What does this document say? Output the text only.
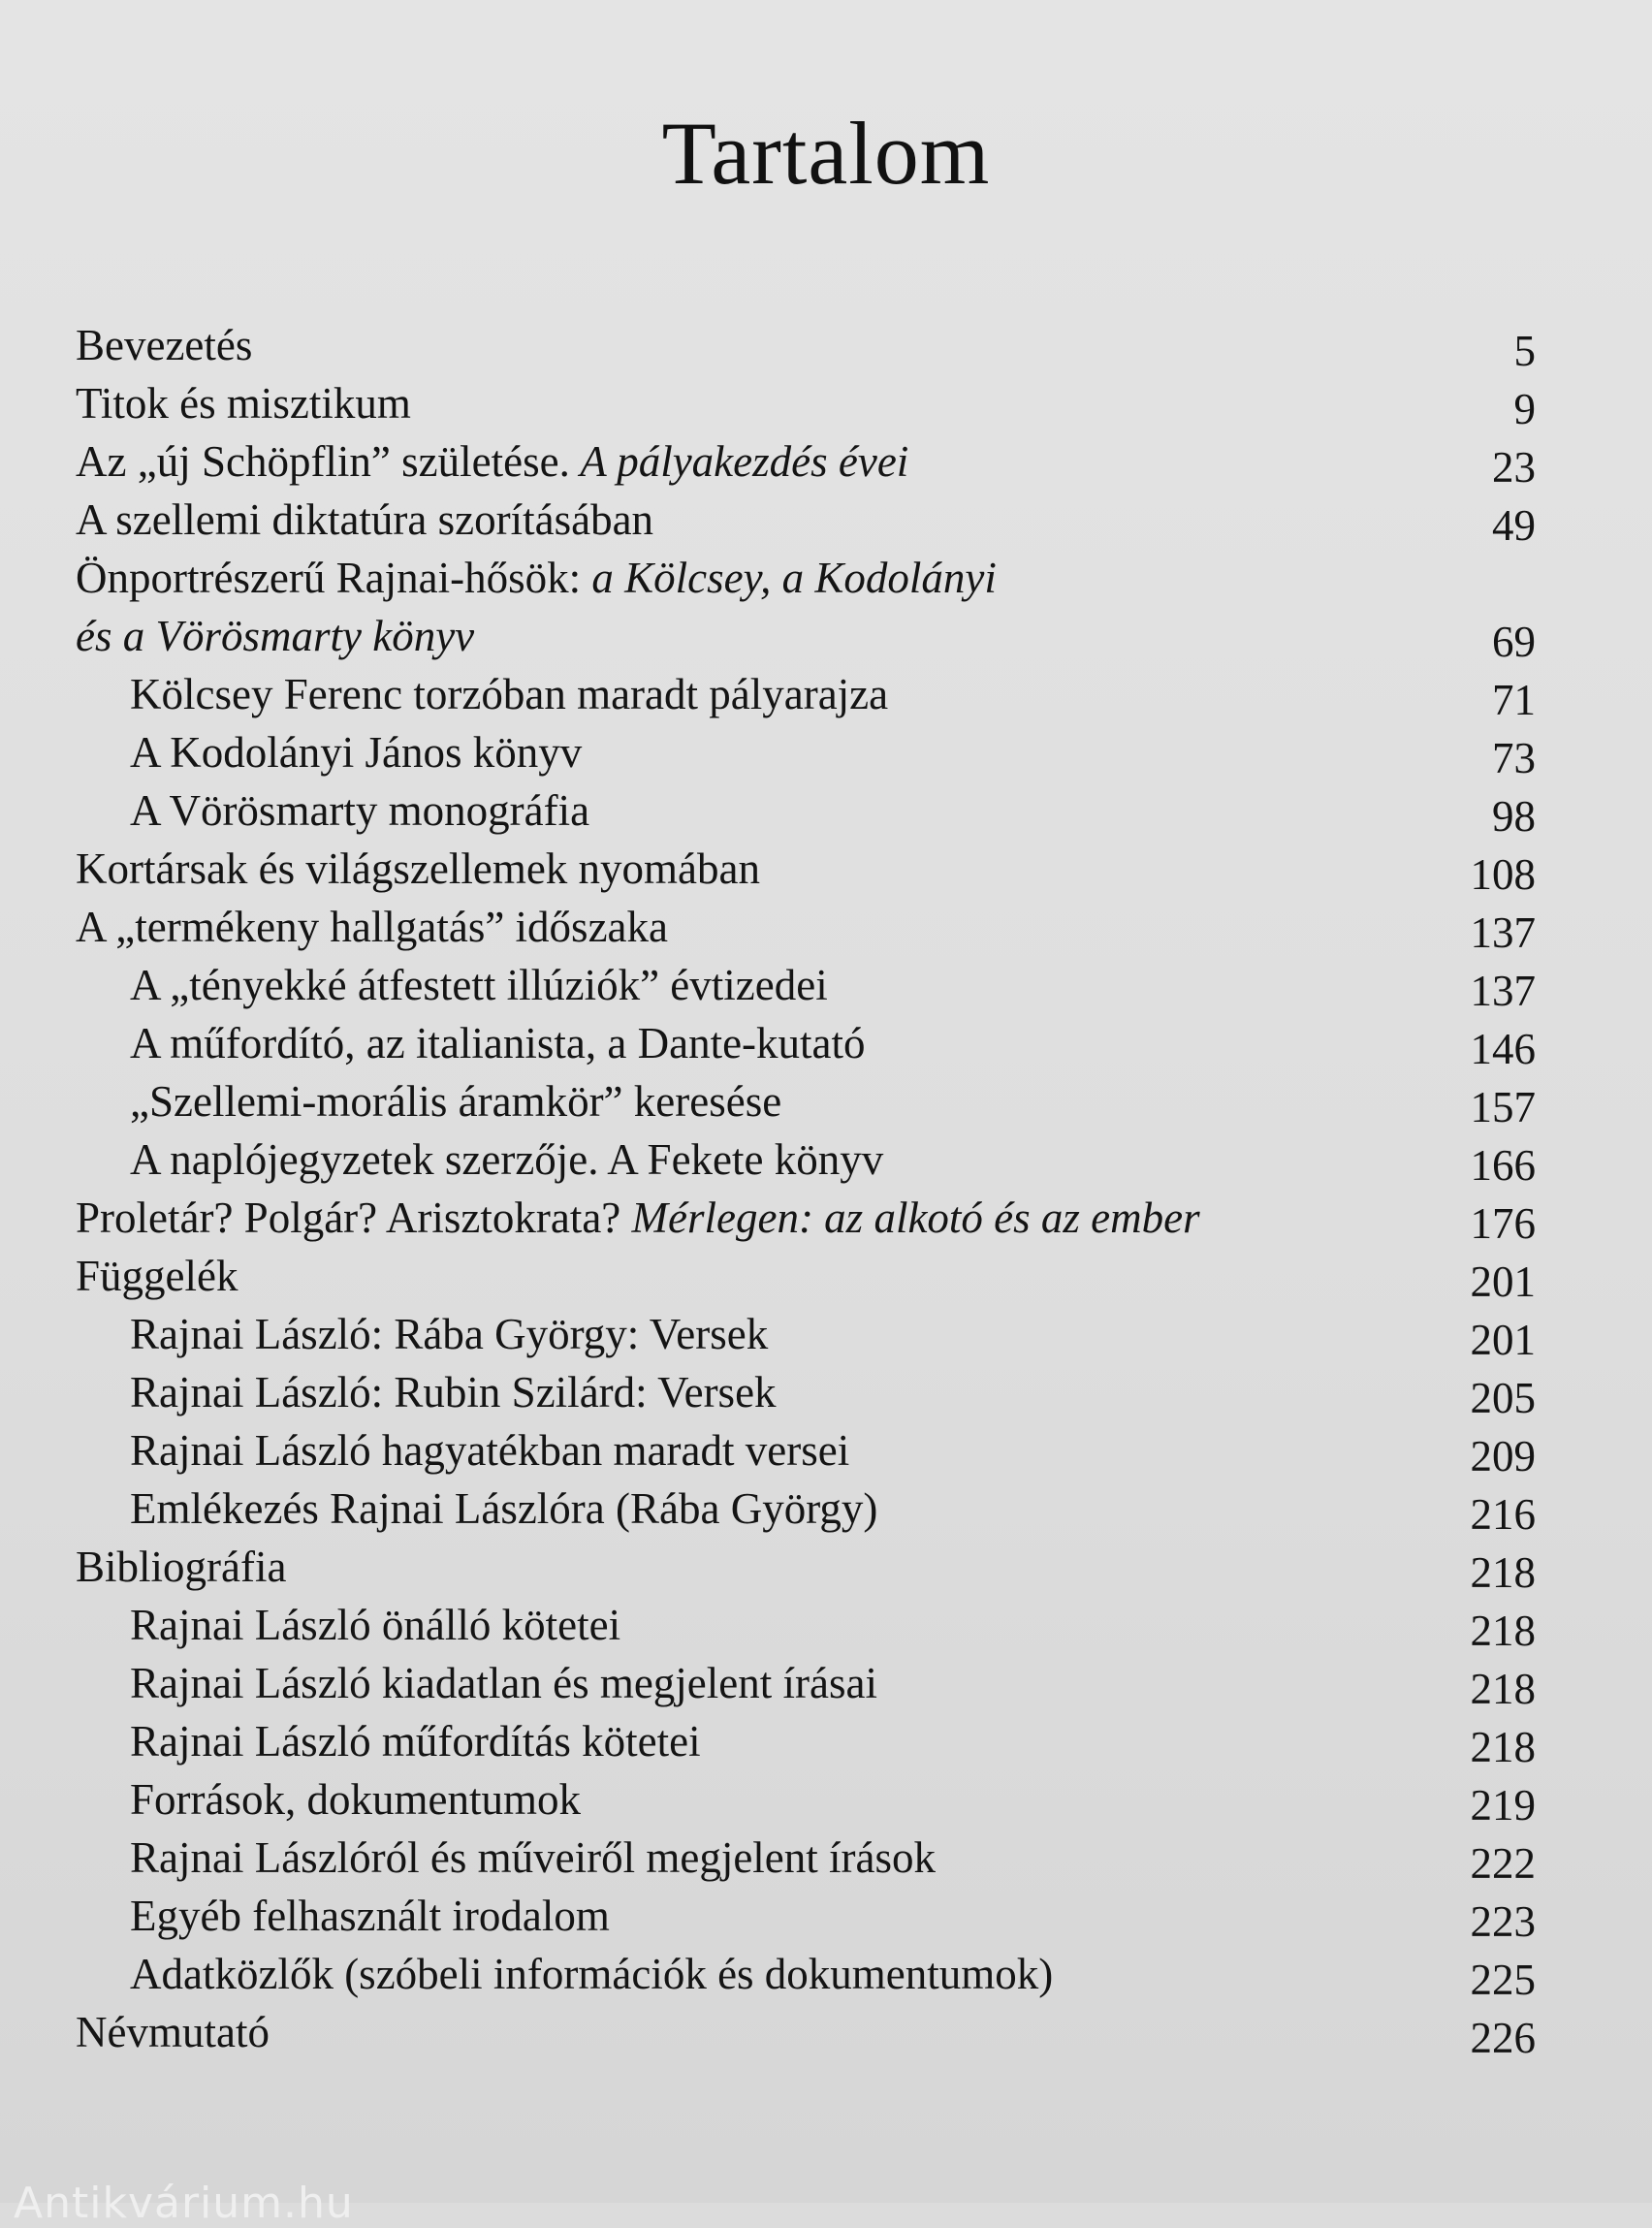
Tartalom
Bevezetés	5
Titok és misztikum	9
Az „új Schöpflin” születése. A pályakezdés évei	23
A szellemi diktatúra szorításában	49
Önportrészerű Rajnai-hősök: a Kölcsey, a Kodolányi
és a Vörösmarty könyv	69
Kölcsey Ferenc torzóban maradt pályarajza	71
A Kodolányi János könyv	73
A Vörösmarty monográfia	98
Kortársak és világszellemek nyomában	108
A „termékeny hallgatás” időszaka	137
A „tényekké átfestett illúziók” évtizedei	137
A műfordító, az italianista, a Dante-kutató	146
„Szellemi-morális áramkör” keresése	157
A naplójegyzetek szerzője. A Fekete könyv	166
Proletár? Polgár? Arisztokrata? Mérlegen: az alkotó és az ember	176
Függelék	201
Rajnai László: Rába György: Versek	201
Rajnai László: Rubin Szilárd: Versek	205
Rajnai László hagyatékban maradt versei	209
Emlékezés Rajnai Lászlóra (Rába György)	216
Bibliográfia	218
Rajnai László önálló kötetei	218
Rajnai László kiadatlan és megjelent írásai	218
Rajnai László műfordítás kötetei	218
Források, dokumentumok	219
Rajnai Lászlóról és műveiről megjelent írások	222
Egyéb felhasznált irodalom	223
Adatközlők (szóbeli információk és dokumentumok)	225
Névmutató	226
Antikvárium.hu
